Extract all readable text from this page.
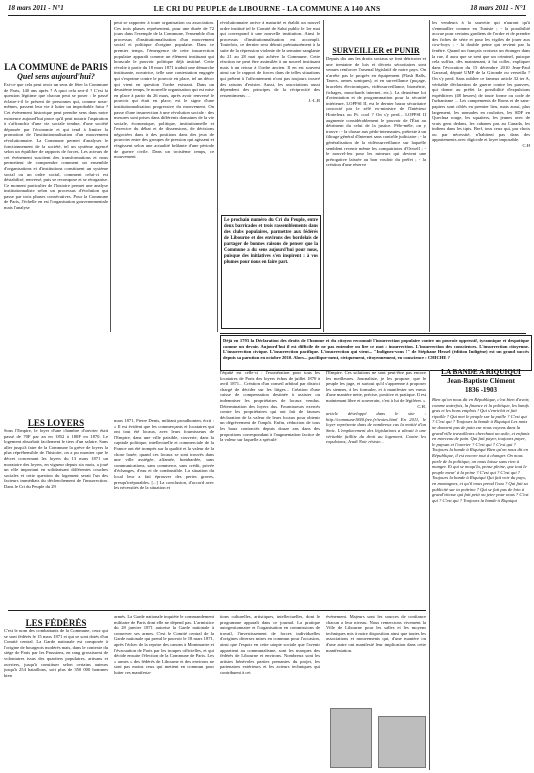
18 mars 2011 - N°1	LE CRI DU PEUPLE de LIBOURNE - LA COMMUNE A 140 ANS	18 mars 2011 - N°1
LA COMMUNE de PARIS
Quel sens aujourd'hui?
Est-ce que cela peut avoir un sens de fêter la Commune de Paris, 140 ans après ? A quoi cela sert-il ? C'est la question légitime que chacun peut se poser : le passé éclaire-t-il le présent de personnes qui, comme nous-mêmes, passent leur vie à lutter un improbable futur ? Cet événement historique peut prendre sens dans notre existence aujourd'hui parce qu'il peut nourrir l'aspiration à s'affranchir d'une vie sociale tendue, d'une société dépassée par l'économie et qui tend à limiter la promotion de l'institutionnalisation d'un mouvement révolutionnaire. La Commune permet d'analyser le fonctionnement de la société, tel un système agencé selon un équilibre de rapports de forces. Les acteurs de cet événement suscitent des transformations et nous permettent de comprendre comment un ensemble d'organisations et d'institutions constituent un système social ou un ordre social, comment celui-ci est déstabilisé, renversé, puis se recompose et se réorganise. Ce moment particulier de l'histoire permet une analyse institutionnaliste selon un processus d'évolution qui passe par trois phases consécutives. Pour la Commune de Paris, l'échelle en est l'organisation gouvernementale mais l'analyse
peut se rapporter à toute organisation ou association. Ces trois phases représentent, pour une durée de 72 jours dans l'exemple de la Commune, l'ensemble d'un processus d'institutionnalisation d'un mouvement social et politique d'origine populaire. Dans ce premier temps, l'émergence de cette insurrection populaire apparaît comme un élément instituant qui bouscule le pouvoir politique déjà institué. Cette révolte à partir du 18 mars 1871 traduit une démarche instituante, novatrice, telle une contestation engagée qui s'exprime contre le pouvoir en place, tel un décor qui vient en question l'ordre existant. Dans un deuxième temps, le nouvelle organisation qui est mise en place à partir du 26 mars, après avoir renversé le pouvoir qui était en place, est le signe d'une institutionnalisation progressive du mouvement. On passe d'une insurrection à une révolution sociale : des mesures sont prises dans différents domaines de la vie sociale, économique, politique, institutionnelle et l'exercice du débat et de dissensions, de décisions négociées dans à des positions dans des jeux de pouvoirs entre des groupes de pression qui agissent et réagissent selon une actualité brûlante d'une période de guerre civile. Dans un troisième temps, ce mouvement
révolutionnaire arrive à maturité et établit un nouvel ordre institué tel le Comité de Salut public le 1er mai qui correspond à une nouvelle institution. Ainsi le processus d'institutionnalisation est accompli. Toutefois, ce dernier sera détruit prématurément à la suite de la répression violente de la semaine sanglante du 21 au 28 mai qui achève la Commune. Cette réaction ne peut être assimilée à un nouvel instituant mais à un retour à l'ordre ancien. Il en est souvent ainsi car le rapport de forces dans de telles situations qui prêtent à l'affrontement n'ont pas toujours trouvé des raisons d'exister. Aussi, les associations aussi dépendent des principes de la réciprocité des ressentiments …
J.-L.B
Le prochain numéro du Cri du Peuple, entre deux barricades et trois rassemblements dans des clubs populaires, parmettre aux fédérés de Libourne et des environs des bordelais de partager de bonnes raisons de penser que la Commune a du sens aujourd'hui pour nous, puisque des initiatives s'en inspirent : à vos plumes pour nous en faire part.
SURVEILLER et PUNIR
Depuis dix ans les droits sociaux se font détricoter et une trentaine de lois et décrets sécuritaires sont venues renforcer l'arsenal législatif de notre pays. On n'arrête pas le progrès en équipement (Flash Balls, Tasers, armes soniques), et en surveillance (puçage, bracelets électroniques, vidéosurveillance, biométrie, fichages, mouchards internet, etc.). La deuxième loi d'orientation et de programmation pour la sécurité intérieure, LOPPSI II, est le dernier bazar sécuritaire concocté par le zélé ex-ministre de l'Intérieur Hortefeux ou Pt. cool ? On s'y perd... LOPPSI II augmente considérablement le pouvoir de l'État au détriment du celui de la justice. Pêle-mêle, on y trouve : - la chasse aux pédo-internautes, prétexte à un filtrage général d'Internet sans contrôle judiciaire ; - la généralisation de la vidéosurveillance sur laquelle semblent revenir même les compatriotes d'Orwell ; - le nouvel-feu pour les mineurs qui devient une prérogative laissée au bon vouloir du préfet ; - la création d'une réserve
les vendeurs à la sauvette qui n'auront qu'à s'emmailler comme en Tunisie ; - la possibilité accrue pour certains gardiens de l'ordre et de prendre des fiches de série et pour les vigiles de jouer aux cow-boys ; - la double peine qui revient par la fenêtre. Quand un français croisera un étranger dans la rue, il aura que se sent que un criminel, puisque cela suffira, dès maintenant, à lui coller, expliquer dans l'évocation du 15 décembre 2010 Jean-Paul Garraud, député UMP de la Gironde ou verseilla ? On s'y perd. Sans oublier ce fameux article 32 ter A, véritable déclaration de guerre contre les pauvres, qui donne au préfet la possibilité d'expulsions expéditives (48 heures) de toute forme ou code de l'urbanisme ... Les campements de Roms et de sans-papiers sont ciblés en premier lieu, mais aussi, plus largement, les nomades en roulottes, les SDF en Quechua rouge, les squatters, les jeunes avec de vrais gens dedans, les cabanes pas au Canada, les indiens dans les tipis. Bref, tous ceux qui, par choix ou par nécessité, n'habitent pas dans des appartements avec digicode et loyer imposable.
C.H
Déjà en 1793 la Déclaration des droits de l'homme et du citoyen reconnaît l'insurrection populaire contre un pouvoir oppressif, tyrannique et despotique comme un devoir. Aujourd'hui il est difficile de ne pas entendre ou lire ce mot : insurrection. L'insurrection des consciences. L'insurrection citoyenne. L'insurrection civique. L'insurrection pacifique. L'insurrection qui vient... "Indignez-vous !" de Stéphane Hessel (édition Indigène) est un grand succès depuis sa parution en octobre 2010. Alors... pacifique-ment, civiquement, citoyennement, en conscience : CHICHE ?
LES LOYERS
Sous l'Empire, le loyer d'une chambre d'ouvrier était passé de 70F par an en 1852 à 180F en 1870. Le logement absorbait facilement le tiers d'un salaire. Sans aller jusqu'à faire de la Commune la grève de loyers la plus répréhensible de l'histoire, on a pu montrer que le décret concernant les loyers du 13 mars 1871 un moratoire des loyers, en vigueur depuis six mois, a joué un rôle important en solidarisant différentes couches sociales et cette question du logement serait l'un des facteurs immédiats du déclenchement de l'insurrection. Dans le Cri du Peuple du 29
mars 1871, Pierre Denis, militant proudhonien, écrit : « Il est évident que les commerçants et locataires qui ont tout été locaux, avec leurs fournisseurs de l'Empire, dans une ville paisible, couverte, dans la capitale politique, intellectuelle et commerciale de la France ont été trompés sur la qualité et la valeur de la chose louée, quand ces locaux se sont trouvés dans une ville assiégée, affamée, bombardée, sans communications, sans commerce, sans crédit, privée d'échanges, d'eau et de combustible. La situation du local leur a fait éprouver des pertes graves, presqu'irréparables. [...] La conclusion, d'accord avec les nécessités de la situation et
l'équité est celle-ci : l'exonération pour tous les locataires de Paris des loyers échus de juillet 1870 à avril 1871... Création d'un conseil arbitral par district chargé de décider sur les litiges... Création d'une caisse de compensation destinée à assister ou indemniser les propriétaires de locaux vendus. Détermination des loyers dus. Fournisseurs exercés contre les propriétaires qui ont fait de fausses déclaration de la valeur de leurs locaux pour obtenir un dégrèvement de l'impôt. Enfin, réduction de tous les baux contractés depuis douze ans dans des proportions correspondant à l'augmentation factice de la valeur sur laquelle a spéculé
l'Empire. Ces solutions ne sont peut-être pas encore les meilleures. Journaliste, je les propose, que le peuple les juge, et surtout qu'il s'apprenne à proposer les siennes, à les formuler, et à manifester ses vœux d'une manière nette, précise, positive et pratique. Il est maintenant libre et souverain, c'est à lui de légiférer. »
C.H.
article développé dans le site : http://commune1840.free.fr/textes.html En 2011, le loyer représente dans de nombreux cas la moitié d'un Smic. L'emplacement des législations a abouti à une véritable faillite du droit au logement. Contre les expulsions, Jeudi Noir résiste...
LA BANDE A RIQUIQUI
Jean-Baptiste Clément
1836 -1903
Bien qu'on nous dit en République, c'est bien d'avoir, comme autrefois, la finance et la politique, les bœufs gras et les bons emplois ! Qui s'enrichit et fait ripaille ? Qui met le peuple sur la paille ? C'est qui ? C'est qui ? Toujours la bande à Riquiqui Les mots ne donnent pas de pain car nous voyons dans la grand'ville travailleurs cherchant un asile, et enfants en morceau de pain. Qui fait payer, toujours payer, le paysan et l'ouvrier ? C'est qui ? C'est qui ? Toujours la bande à Riquiqui Bien qu'on nous dit en République, il est encore tout à changer. On nous parle de la politique, on nous laisse sans rien à manger. Et qui se moqu'la, pense pleine, que tout le peuple meur' à la peine ? C'est qui ? C'est qui ? Toujours la bande à Riquiqui Qui fait voir du pays, en montagnes, et qu'il nous prend l'eau ? Qui fait sa publicité sur ta poitrine ? Qui se fait pas de loin à grand'vitesse qui fait petit ou jeter pour nous ? C'est qui ? C'est qui ? Toujours la bande à Riquiqui
LES FÉDÉRÉS
C'est le nom des combattants de la Commune, ceux qui se sont fédérés le 15 mars 1871 et qui se sont dotés d'un Comité central. La Garde nationale est composée à l'origine de bourgeois modérés mais, dans le contexte du siège de Paris par les Prussiens, en rang grossissent de volontaires issus des quartiers populaires, artisans et ouvriers, jusqu'à constituer selon certains auteurs jusqu'à 254 bataillons, soit plus de 350 000 hommes bien
armés. La Garde nationale inquiète le commandement militaire de Paris dont elle ne dépend pas. L'armistice du 28 janvier 1871 autorise la Garde nationale à conserver ses armes. C'est le Comité central de la Garde nationale qui prend le pouvoir le 18 mars 1871, après l'échec de la reprise des canons à Montmartre et l'évacuation de Paris par les troupes officielles, et qui décide ensuite l'élection de la Commune de Paris. Les « armes » des fédérés de Libourne et des environs ne sont pas moins ceux qui mettent en commun pour lutter ces manifesta-
tions culturelles, artistiques, intellectuelles, dont le programme apparaît dans ce journal. La pratique autogestionnaire et l'organisation en commissions de travail, l'investissement de forces individuelles d'origines diverses mises en commun pour l'occasion, ainsi que l'espoir en cette utopie sociale que l'avenir appartient au communalisme, sont les marques des fédérés de Libourne et environs. Nombreux sont les artistes bénévoles parties prenantes du projet, les partenaires extérieurs et les acteurs techniques qui contribuent à cet
événement. Majeurs sont les sources de confiance chacun a leur niveau. Nous remercions vivement la Ville de Libourne pour les salles et les moyens techniques mis à notre disposition ainsi que toutes les associations et mouvements qui, d'une manière ou d'une autre ont manifesté leur implication dans cette manifestation.
